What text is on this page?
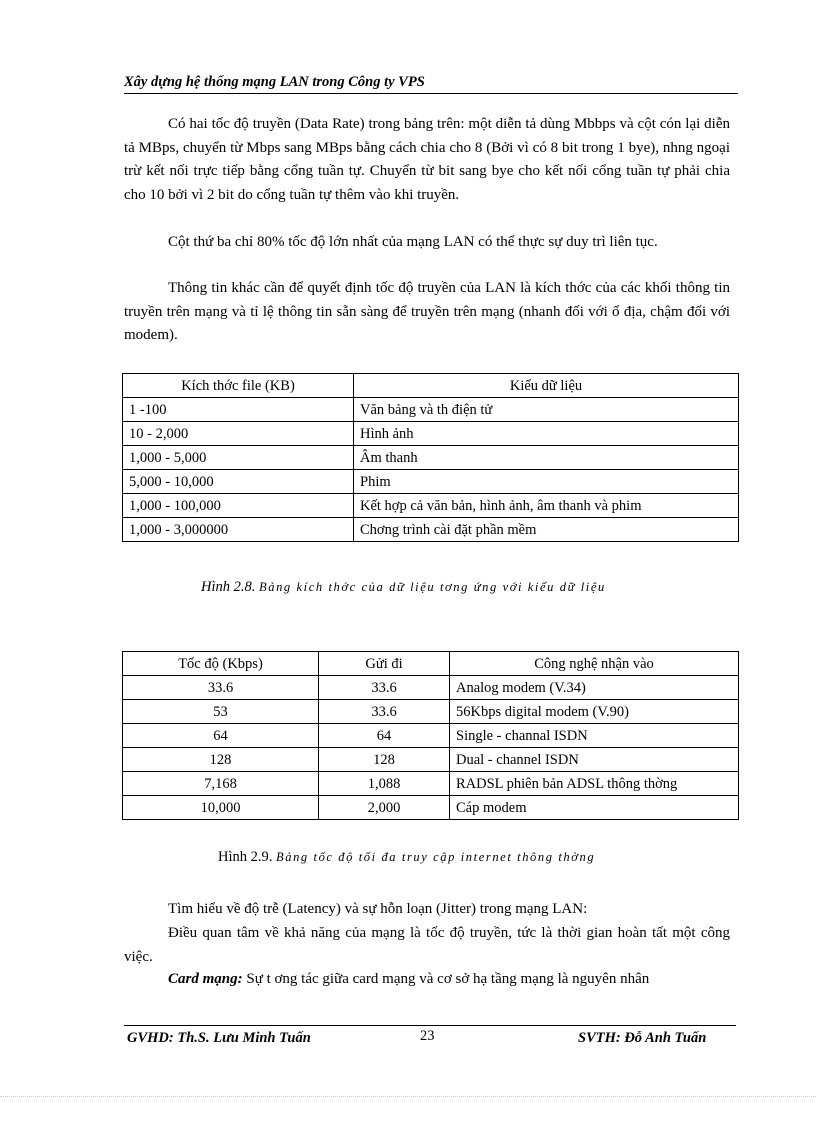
Xây dựng hệ thống mạng LAN trong Công ty VPS

Có hai tốc độ truyền (Data Rate) trong bảng trên: một diễn tả dùng Mbbps và cột cón lại diễn tả MBps, chuyển từ Mbps sang MBps bằng cách chia cho 8 (Bởi vì có 8 bit trong 1 bye), nhng ngoại trừ kết nối trực tiếp bằng cổng tuần tự. Chuyển từ bit sang bye cho kết nối cổng tuần tự phải chia cho 10 bởi vì 2 bit do cổng tuần tự thêm vào khi truyền.

Cột thứ ba chỉ 80% tốc độ lớn nhất của mạng LAN có thể thực sự duy trì liên tục.

Thông tin khác cần để quyết định tốc độ truyền của LAN là kích thớc của các khối thông tin truyền trên mạng và tỉ lệ thông tin sẵn sàng để truyền trên mạng (nhanh đối với ổ địa, chậm đối với modem).

Kích thớc file (KB)	Kiểu dữ liệu
1 -100	Văn bảng và th điện tử
10 - 2,000	Hình ảnh
1,000 - 5,000	Âm thanh
5,000 - 10,000	Phim
1,000 - 100,000	Kết hợp cả văn bản, hình ảnh, âm thanh và phim
1,000 - 3,000000	Chơng trình cài đặt phần mềm
Hình 2.8. Bảng kích thớc của dữ liệu tơng ứng với kiểu dữ liệu
Tốc độ (Kbps)	Gửi đi	Công nghệ nhận vào
33.6	33.6	Analog modem (V.34)
53	33.6	56Kbps digital modem (V.90)
64	64	Single - channal ISDN
128	128	Dual - channel ISDN
7,168	1,088	RADSL phiên bản ADSL thông thờng
10,000	2,000	Cáp modem
Hình 2.9. Bảng tốc độ tối đa truy cập internet thông thờng

Tìm hiểu về độ trễ (Latency) và sự hỗn loạn (Jitter) trong mạng LAN:

Điều quan tâm về khả năng của mạng là tốc độ truyền, tức là thời gian hoàn tất một công việc.

Card mạng: Sự t ơng tác giữa card mạng và cơ sở hạ tầng mạng là nguyên nhân

GVHD: Th.S. Lưu Minh Tuấn	23	SVTH: Đỗ Anh Tuấn
